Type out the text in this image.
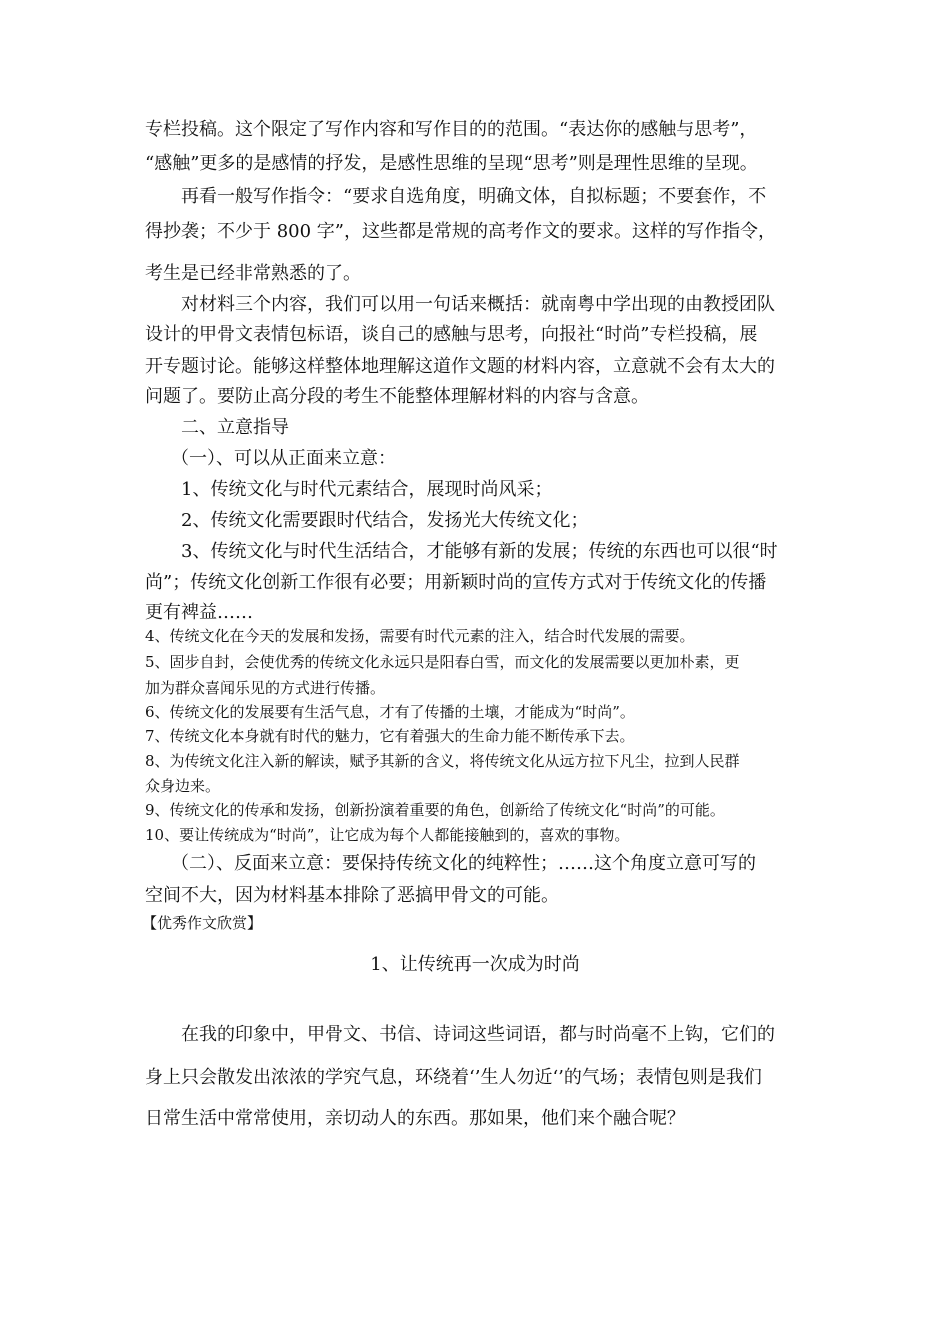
专栏投稿。这个限定了写作内容和写作目的的范围。“表达你的感触与思考”，
“感触”更多的是感情的抒发，是感性思维的呈现“思考”则是理性思维的呈现。
再看一般写作指令：“要求自选角度，明确文体，自拟标题；不要套作，不
得抄袭；不少于 800 字”，这些都是常规的高考作文的要求。这样的写作指令，
考生是已经非常熟悉的了。
对材料三个内容，我们可以用一句话来概括：就南粤中学出现的由教授团队
设计的甲骨文表情包标语，谈自己的感触与思考，向报社“时尚”专栏投稿，展
开专题讨论。能够这样整体地理解这道作文题的材料内容，立意就不会有太大的
问题了。要防止高分段的考生不能整体理解材料的内容与含意。
二、立意指导
（一）、可以从正面来立意：
1、传统文化与时代元素结合，展现时尚风采；
2、传统文化需要跟时代结合，发扬光大传统文化；
3、传统文化与时代生活结合，才能够有新的发展；传统的东西也可以很“时
尚”；传统文化创新工作很有必要；用新颖时尚的宣传方式对于传统文化的传播
更有裨益……
4、传统文化在今天的发展和发扬，需要有时代元素的注入，结合时代发展的需要。
5、固步自封，会使优秀的传统文化永远只是阳春白雪，而文化的发展需要以更加朴素，更
加为群众喜闻乐见的方式进行传播。
6、传统文化的发展要有生活气息，才有了传播的土壤，才能成为“时尚”。
7、传统文化本身就有时代的魅力，它有着强大的生命力能不断传承下去。
8、为传统文化注入新的解读，赋予其新的含义，将传统文化从远方拉下凡尘，拉到人民群
众身边来。
9、传统文化的传承和发扬，创新扮演着重要的角色，创新给了传统文化“时尚”的可能。
10、要让传统成为“时尚”，让它成为每个人都能接触到的，喜欢的事物。
（二）、反面来立意：要保持传统文化的纯粹性；……这个角度立意可写的
空间不大，因为材料基本排除了恶搞甲骨文的可能。
【优秀作文欣赏】
1、让传统再一次成为时尚
在我的印象中，甲骨文、书信、诗词这些词语，都与时尚毫不上钩，它们的
身上只会散发出浓浓的学究气息，环绕着‘’生人勿近‘’的气场；表情包则是我们
日常生活中常常使用，亲切动人的东西。那如果，他们来个融合呢？
